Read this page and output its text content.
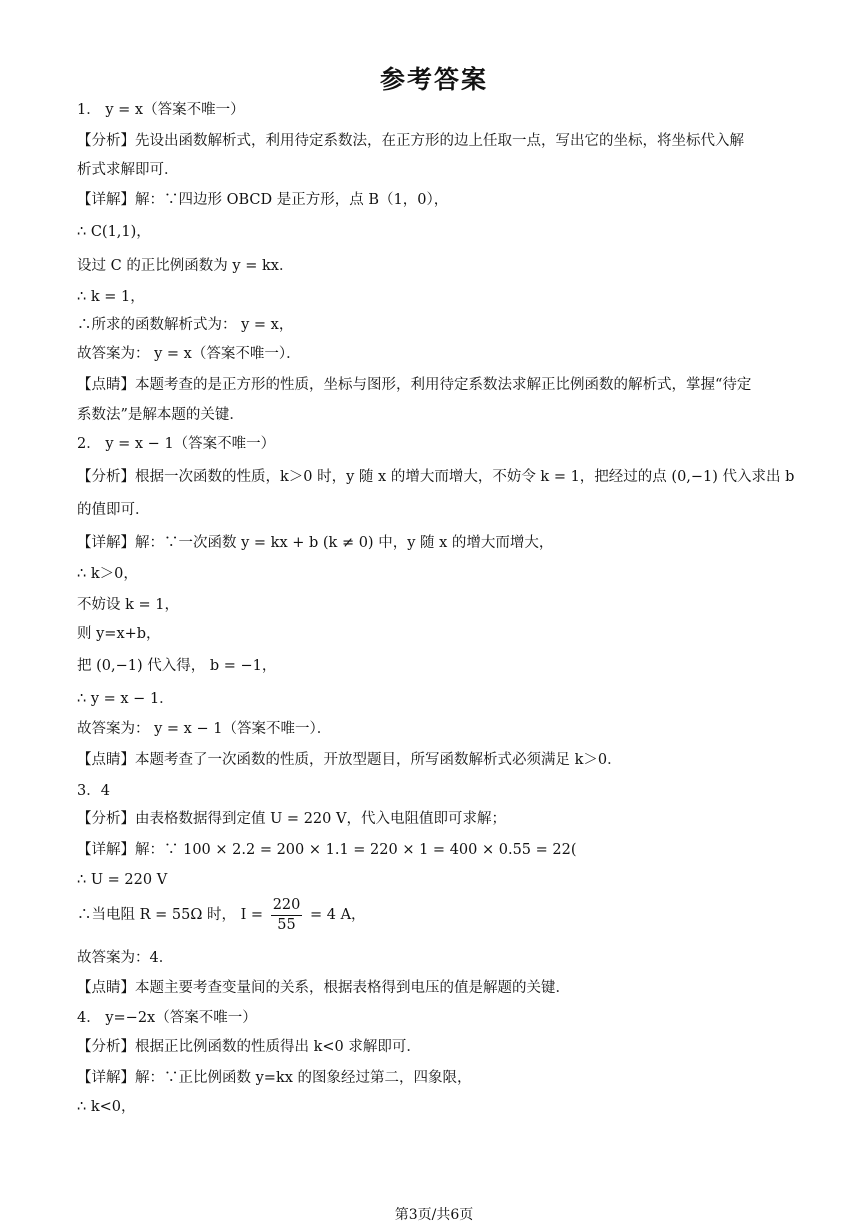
参考答案
1． y = x（答案不唯一）
【分析】先设出函数解析式，利用待定系数法，在正方形的边上任取一点，写出它的坐标，将坐标代入解
析式求解即可．
【详解】解：∵四边形 OBCD 是正方形，点 B（1，0），
∴ C(1,1)，
设过 C 的正比例函数为 y = kx．
∴ k = 1，
∴所求的函数解析式为： y = x，
故答案为： y = x（答案不唯一）．
【点睛】本题考查的是正方形的性质，坐标与图形，利用待定系数法求解正比例函数的解析式，掌握“待定
系数法”是解本题的关键．
2． y = x − 1（答案不唯一）
【分析】根据一次函数的性质，k＞0 时，y 随 x 的增大而增大，不妨令 k = 1，把经过的点 (0,−1) 代入求出 b
的值即可．
【详解】解：∵一次函数 y = kx + b (k ≠ 0) 中，y 随 x 的增大而增大，
∴ k＞0，
不妨设 k = 1，
则 y=x+b，
把 (0,−1) 代入得， b = −1，
∴ y = x − 1．
故答案为： y = x − 1（答案不唯一）．
【点睛】本题考查了一次函数的性质，开放型题目，所写函数解析式必须满足 k＞0．
3．4
【分析】由表格数据得到定值 U = 220 V，代入电阻值即可求解；
【详解】解：∵ 100 × 2.2 = 200 × 1.1 = 220 × 1 = 400 × 0.55 = 22(
∴ U = 220 V
∴当电阻 R = 55Ω 时， $I = \frac{220}{55} = 4$ A，
故答案为：4．
【点睛】本题主要考查变量间的关系，根据表格得到电压的值是解题的关键．
4． y=−2x（答案不唯一）
【分析】根据正比例函数的性质得出 k<0 求解即可．
【详解】解：∵正比例函数 y=kx 的图象经过第二，四象限，
∴ k<0，
第3页/共6页
